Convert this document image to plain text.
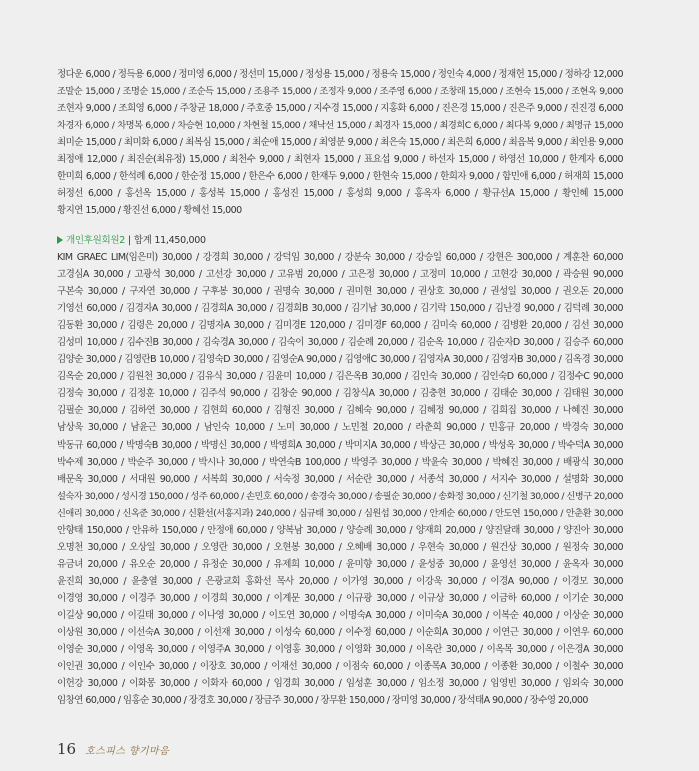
정다운 6,000 / 정득용 6,000 / 정미영 6,000 / 정선미 15,000 / 정성용 15,000 / 정용숙 15,000 / 정인숙 4,000 / 정재헌 15,000 / 정하강 12,000
조말순 15,000 / 조명순 15,000 / 조순득 15,000 / 조용주 15,000 / 조정자 9,000 / 조주영 6,000 / 조창래 15,000 / 조현숙 15,000 / 조현옥 9,000
조현자 9,000 / 조희영 6,000 / 주창균 18,000 / 주호중 15,000 / 지수경 15,000 / 지홍화 6,000 / 진은경 15,000 / 진은주 9,000 / 진진경 6,000
차경자 6,000 / 차명복 6,000 / 차승현 10,000 / 차현철 15,000 / 채낙선 15,000 / 최경자 15,000 / 최경희C 6,000 / 최다복 9,000 / 최명규 15,000
최미순 15,000 / 최미화 6,000 / 최복심 15,000 / 최순애 15,000 / 최영분 9,000 / 최은숙 15,000 / 최은희 6,000 / 최음복 9,000 / 최인용 9,000
최정애 12,000 / 최진순(최유정) 15,000 / 최천수 9,000 / 최현자 15,000 / 표요섭 9,000 / 하선자 15,000 / 하영선 10,000 / 한계자 6,000
한미희 6,000 / 한석례 6,000 / 한순정 15,000 / 한은수 6,000 / 한재두 9,000 / 한현숙 15,000 / 한희자 9,000 / 함민애 6,000 / 허재희 15,000
허정선 6,000 / 홍선옥 15,000 / 홍성복 15,000 / 홍성진 15,000 / 홍성희 9,000 / 홍옥자 6,000 / 황규선A 15,000 / 황인혜 15,000
황지연 15,000 / 황진선 6,000 / 황혜선 15,000
개인후원회원2 | 합계 11,450,000
KIM GRAEC LIM(임은미) 30,000 / 강경희 30,000 / 강덕임 30,000 / 강분숙 30,000 / 강승일 60,000 / 강현은 300,000 / 계훈찬 60,000
고경심A 30,000 / 고광석 30,000 / 고선강 30,000 / 고유범 20,000 / 고은정 30,000 / 고정미 10,000 / 고현강 30,000 / 곽승원 90,000
구본숙 30,000 / 구자연 30,000 / 구후봉 30,000 / 권명숙 30,000 / 권미현 30,000 / 권상호 30,000 / 권성일 30,000 / 권오돈 20,000
기영선 60,000 / 김경자A 30,000 / 김경희A 30,000 / 김경희B 30,000 / 김기남 30,000 / 김기락 150,000 / 김난경 90,000 / 김덕례 30,000
김동환 30,000 / 김령은 20,000 / 김명자A 30,000 / 김미경E 120,000 / 김미경F 60,000 / 김미숙 60,000 / 김병환 20,000 / 김선 30,000
김성미 10,000 / 김수진B 30,000 / 김숙경A 30,000 / 김숙이 30,000 / 김순례 20,000 / 김순옥 10,000 / 김순자D 30,000 / 김승주 60,000
김양순 30,000 / 김영란B 10,000 / 김영숙D 30,000 / 김영순A 90,000 / 김영애C 30,000 / 김영자A 30,000 / 김영자B 30,000 / 김옥경 30,000
김옥순 20,000 / 김원천 30,000 / 김유식 30,000 / 김윤미 10,000 / 김은옥B 30,000 / 김인숙 30,000 / 김인숙D 60,000 / 김정수C 90,000
김정숙 30,000 / 김정훈 10,000 / 김주석 90,000 / 김창순 90,000 / 김창식A 30,000 / 김충현 30,000 / 김태순 30,000 / 김태원 30,000
김필순 30,000 / 김하연 30,000 / 김현희 60,000 / 김형진 30,000 / 김혜숙 90,000 / 김혜정 90,000 / 김희집 30,000 / 나혜진 30,000
남상욱 30,000 / 남윤근 30,000 / 남인숙 10,000 / 노미 30,000 / 노민철 20,000 / 라춘희 90,000 / 민홍규 20,000 / 박경숙 30,000
박동규 60,000 / 박명숙B 30,000 / 박명신 30,000 / 박명희A 30,000 / 박미지A 30,000 / 박상근 30,000 / 박성옥 30,000 / 박수덕A 30,000
박수제 30,000 / 박순주 30,000 / 박시나 30,000 / 박연숙B 100,000 / 박영주 30,000 / 박윤숙 30,000 / 박혜진 30,000 / 배광식 30,000
배문옥 30,000 / 서대원 90,000 / 서복희 30,000 / 서숙정 30,000 / 서순란 30,000 / 서종석 30,000 / 서지수 30,000 / 설명화 30,000
설숙자 30,000 / 성시경 150,000 / 성주 60,000 / 손민호 60,000 / 송경숙 30,000 / 송필순 30,000 / 송화정 30,000 / 신기철 30,000 / 신병구 20,000
신애리 30,000 / 신옥준 30,000 / 신환선(서흥지과) 240,000 / 심규태 30,000 / 심원섭 30,000 / 안계순 60,000 / 안도연 150,000 / 안춘환 30,000
안향태 150,000 / 안유하 150,000 / 안정애 60,000 / 양복남 30,000 / 양승례 30,000 / 양재희 20,000 / 양진달래 30,000 / 양진아 30,000
오명천 30,000 / 오상일 30,000 / 오영란 30,000 / 오현봉 30,000 / 오혜배 30,000 / 우현숙 30,000 / 원건상 30,000 / 원정숙 30,000
유금녀 20,000 / 유오순 20,000 / 유정순 30,000 / 유제희 10,000 / 윤미향 30,000 / 윤성중 30,000 / 윤영선 30,000 / 윤옥자 30,000
윤진희 30,000 / 윤충열 30,000 / 은광교회 홍화선 목사 20,000 / 이가영 30,000 / 이강욱 30,000 / 이경A 90,000 / 이경모 30,000
이경영 30,000 / 이경주 30,000 / 이경희 30,000 / 이계문 30,000 / 이규광 30,000 / 이규상 30,000 / 이금하 60,000 / 이기순 30,000
이길상 90,000 / 이길태 30,000 / 이나영 30,000 / 이도연 30,000 / 이명숙A 30,000 / 이미숙A 30,000 / 이복순 40,000 / 이상순 30,000
이상원 30,000 / 이선숙A 30,000 / 이선재 30,000 / 이성숙 60,000 / 이수정 60,000 / 이순희A 30,000 / 이연근 30,000 / 이연우 60,000
이영순 30,000 / 이영옥 30,000 / 이영주A 30,000 / 이영홍 30,000 / 이영화 30,000 / 이옥란 30,000 / 이옥목 30,000 / 이은경A 30,000
이인권 30,000 / 이인수 30,000 / 이장호 30,000 / 이재선 30,000 / 이점숙 60,000 / 이종목A 30,000 / 이종환 30,000 / 이철수 30,000
이헌강 30,000 / 이화몽 30,000 / 이화자 60,000 / 임경희 30,000 / 임성훈 30,000 / 임소정 30,000 / 임영빈 30,000 / 임외숙 30,000
임창연 60,000 / 임홍순 30,000 / 장경호 30,000 / 장금주 30,000 / 장무환 150,000 / 장미영 30,000 / 장석태A 90,000 / 장수영 20,000
16 호스피스 향기마음
